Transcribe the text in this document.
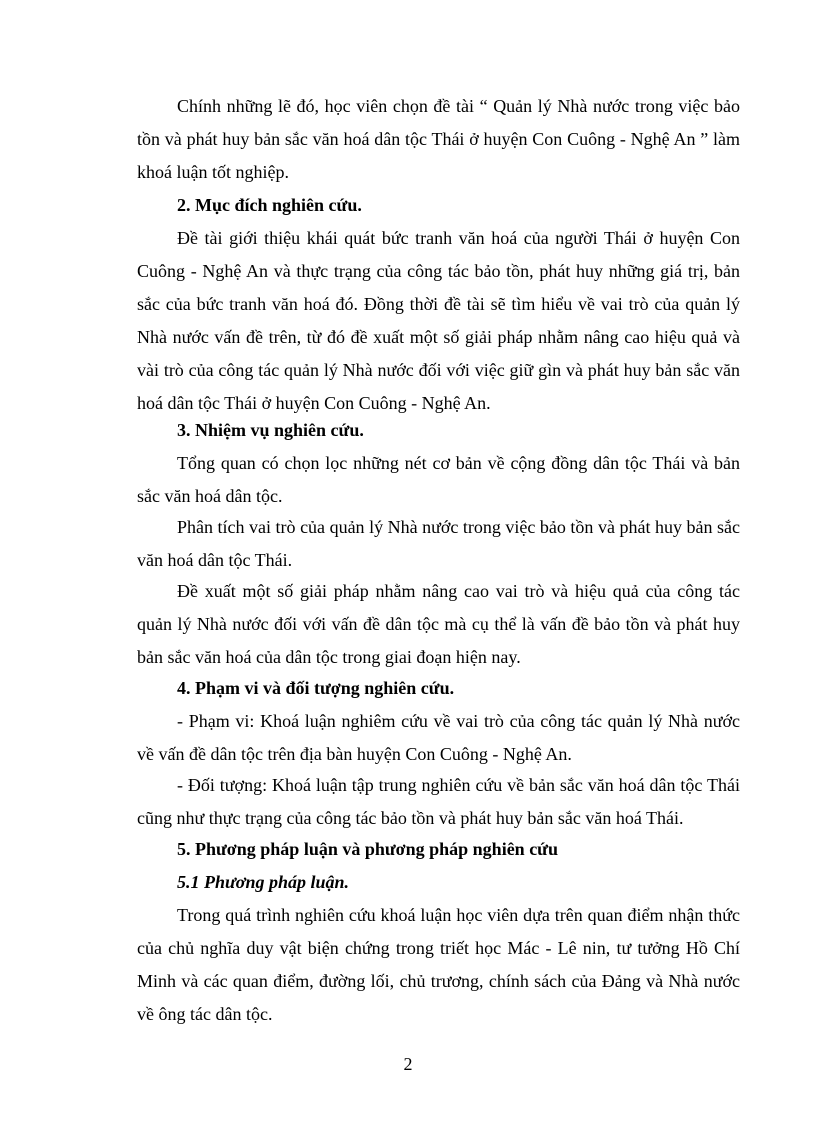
Chính những lẽ đó, học viên chọn đề tài “ Quản lý Nhà nước trong việc bảo tồn và phát huy bản sắc văn hoá dân tộc Thái ở huyện Con Cuông - Nghệ An ” làm khoá luận tốt nghiệp.

2. Mục đích nghiên cứu.

Đề tài giới thiệu khái quát bức tranh văn hoá của người Thái ở huyện Con Cuông - Nghệ An và thực trạng của công tác bảo tồn, phát huy những giá trị, bản sắc của bức tranh văn hoá đó. Đồng thời đề tài sẽ tìm hiểu về vai trò của quản lý Nhà nước vấn đề trên, từ đó đề xuất một số giải pháp nhằm nâng cao hiệu quả và vài trò của công tác quản lý Nhà nước đối với việc giữ gìn và phát huy bản sắc văn hoá dân tộc Thái ở huyện Con Cuông - Nghệ An.

3. Nhiệm vụ nghiên cứu.

Tổng quan có chọn lọc những nét cơ bản về cộng đồng dân tộc Thái và bản sắc văn hoá dân tộc.

Phân tích vai trò của quản lý Nhà nước trong việc bảo tồn và phát huy bản sắc văn hoá dân tộc Thái.

Đề xuất một số giải pháp nhằm nâng cao vai trò và hiệu quả của công tác quản lý Nhà nước đối với vấn đề dân tộc mà cụ thể là vấn đề bảo tồn và phát huy bản sắc văn hoá của dân tộc trong giai đoạn hiện nay.

4. Phạm vi và đối tượng nghiên cứu.

- Phạm vi: Khoá luận nghiêm cứu về vai trò của công tác quản lý Nhà nước về vấn đề dân tộc trên địa bàn huyện Con Cuông - Nghệ An.

- Đối tượng: Khoá luận tập trung nghiên cứu về bản sắc văn hoá dân tộc Thái cũng như thực trạng của công tác bảo tồn và phát huy bản sắc văn hoá Thái.

5. Phương pháp luận và phương pháp nghiên cứu

5.1 Phương pháp luận.

Trong quá trình nghiên cứu khoá luận học viên dựa trên quan điểm nhận thức của chủ nghĩa duy vật biện chứng trong triết học Mác - Lê nin, tư tưởng Hồ Chí Minh và các quan điểm, đường lối, chủ trương, chính sách của Đảng và Nhà nước về ông tác dân tộc.

2
